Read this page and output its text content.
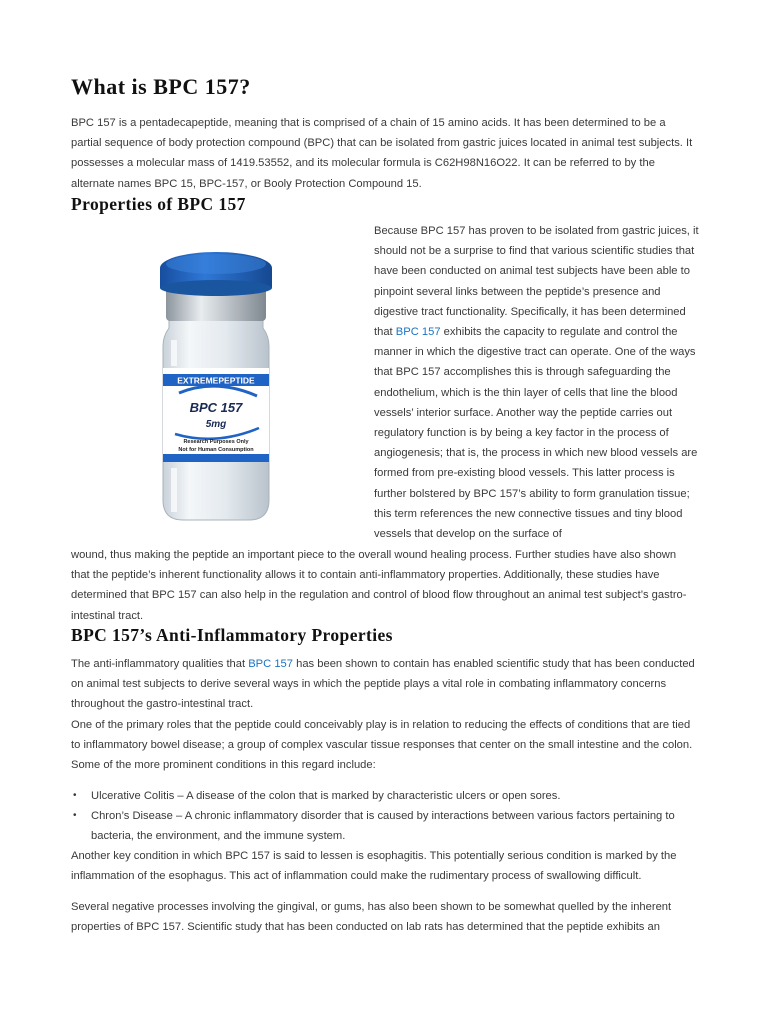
What is BPC 157?

BPC 157 is a pentadecapeptide, meaning that is comprised of a chain of 15 amino acids. It has been determined to be a partial sequence of body protection compound (BPC) that can be isolated from gastric juices located in animal test subjects. It possesses a molecular mass of 1419.53552, and its molecular formula is C62H98N16O22. It can be referred to by the alternate names BPC 15, BPC-157, or Booly Protection Compound 15.

Properties of BPC 157
EXTREMEPEPTIDE
BPC 157
5mg
Research Purposes Only
Not for Human Consumption

Because BPC 157 has proven to be isolated from gastric juices, it should not be a surprise to find that various scientific studies that have been conducted on animal test subjects have been able to pinpoint several links between the peptide’s presence and digestive tract functionality. Specifically, it has been determined that BPC 157 exhibits the capacity to regulate and control the manner in which the digestive tract can operate. One of the ways that BPC 157 accomplishes this is through safeguarding the endothelium, which is the thin layer of cells that line the blood vessels’ interior surface. Another way the peptide carries out regulatory function is by being a key factor in the process of angiogenesis; that is, the process in which new blood vessels are formed from pre-existing blood vessels. This latter process is further bolstered by BPC 157’s ability to form granulation tissue; this term references the new connective tissues and tiny blood vessels that develop on the surface of

wound, thus making the peptide an important piece to the overall wound healing process. Further studies have also shown that the peptide’s inherent functionality allows it to contain anti-inflammatory properties. Additionally, these studies have determined that BPC 157 can also help in the regulation and control of blood flow throughout an animal test subject’s gastro-intestinal tract.

BPC 157’s Anti-Inflammatory Properties

The anti-inflammatory qualities that BPC 157 has been shown to contain has enabled scientific study that has been conducted on animal test subjects to derive several ways in which the peptide plays a vital role in combating inflammatory concerns throughout the gastro-intestinal tract.

One of the primary roles that the peptide could conceivably play is in relation to reducing the effects of conditions that are tied to inflammatory bowel disease; a group of complex vascular tissue responses that center on the small intestine and the colon. Some of the more prominent conditions in this regard include:

• Ulcerative Colitis – A disease of the colon that is marked by characteristic ulcers or open sores.
• Chron’s Disease – A chronic inflammatory disorder that is caused by interactions between various factors pertaining to bacteria, the environment, and the immune system.

Another key condition in which BPC 157 is said to lessen is esophagitis. This potentially serious condition is marked by the inflammation of the esophagus. This act of inflammation could make the rudimentary process of swallowing difficult.

Several negative processes involving the gingival, or gums, has also been shown to be somewhat quelled by the inherent properties of BPC 157. Scientific study that has been conducted on lab rats has determined that the peptide exhibits an
